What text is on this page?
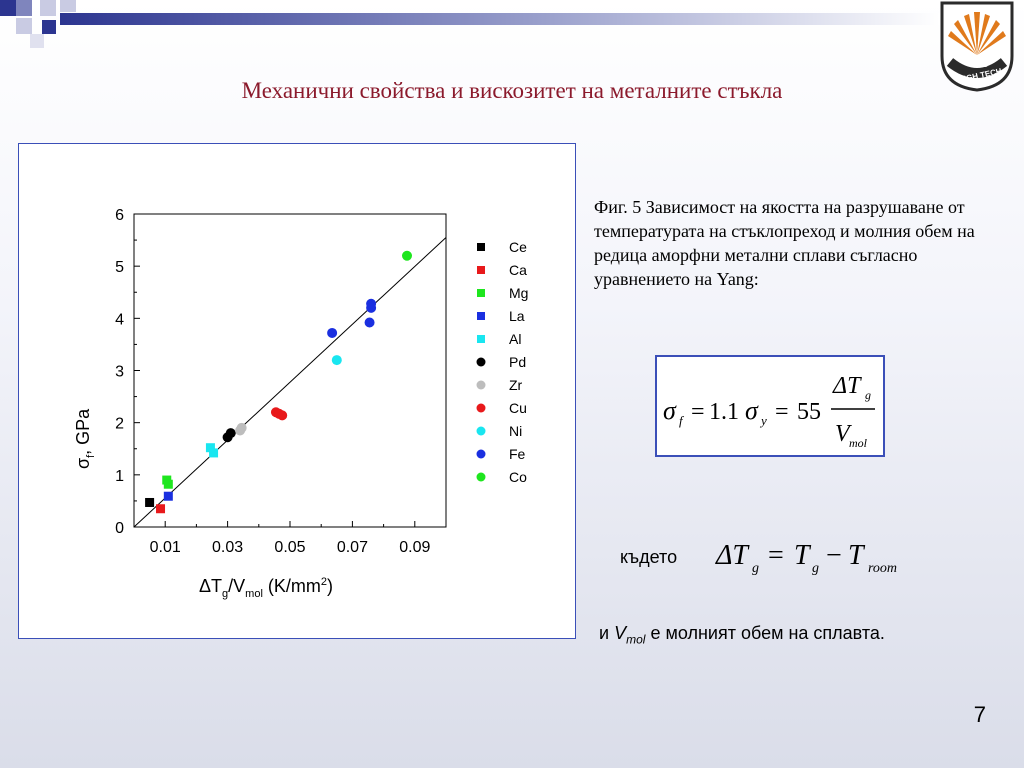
IMS
HIGH TECH
Механични свойства и вискозитет на металните стъкла
0
1
2
3
4
5
6
0.01 0.03 0.05 0.07 0.09
Ce
Ca
Mg
La
Al
Pd
Zr
Cu
Ni
Fe
Co
$\sigma_f$, GPa
$\Delta T_g/V_{mol}$ $(K/mm^2)$
Фиг. 5 Зависимост на якостта на разрушаване от температурата на стъклопреход и молния обем на редица аморфни метални сплави съгласно уравнението на Yang:
σ f = 1.1 σ y = 55
ΔT g
V mol
където ΔT g = T g − T room
и $V_{mol}$ е молният обем на сплавта.
7
